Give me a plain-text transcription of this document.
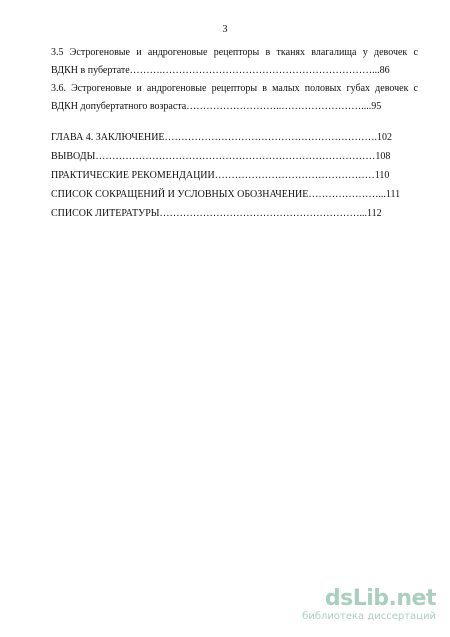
3
3.5 Эстрогеновые и андрогеновые рецепторы в тканях влагалища у девочек с
ВДКН в пубертате……….………………………………………………………...86
3.6. Эстрогеновые и андрогеновые рецепторы в малых половых губах девочек с
ВДКН допубертатного возраста………………………..……………………....95
ГЛАВА 4. ЗАКЛЮЧЕНИЕ……………………………………………………….102
ВЫВОДЫ…………………………………………………………………………108
ПРАКТИЧЕСКИЕ РЕКОМЕНДАЦИИ…………………………………………110
СПИСОК СОКРАЩЕНИЙ И УСЛОВНЫХ ОБОЗНАЧЕНИЕ…………………...111
СПИСОК ЛИТЕРАТУРЫ……………………………………………………...112
dsLib.net
библиотека диссертаций
